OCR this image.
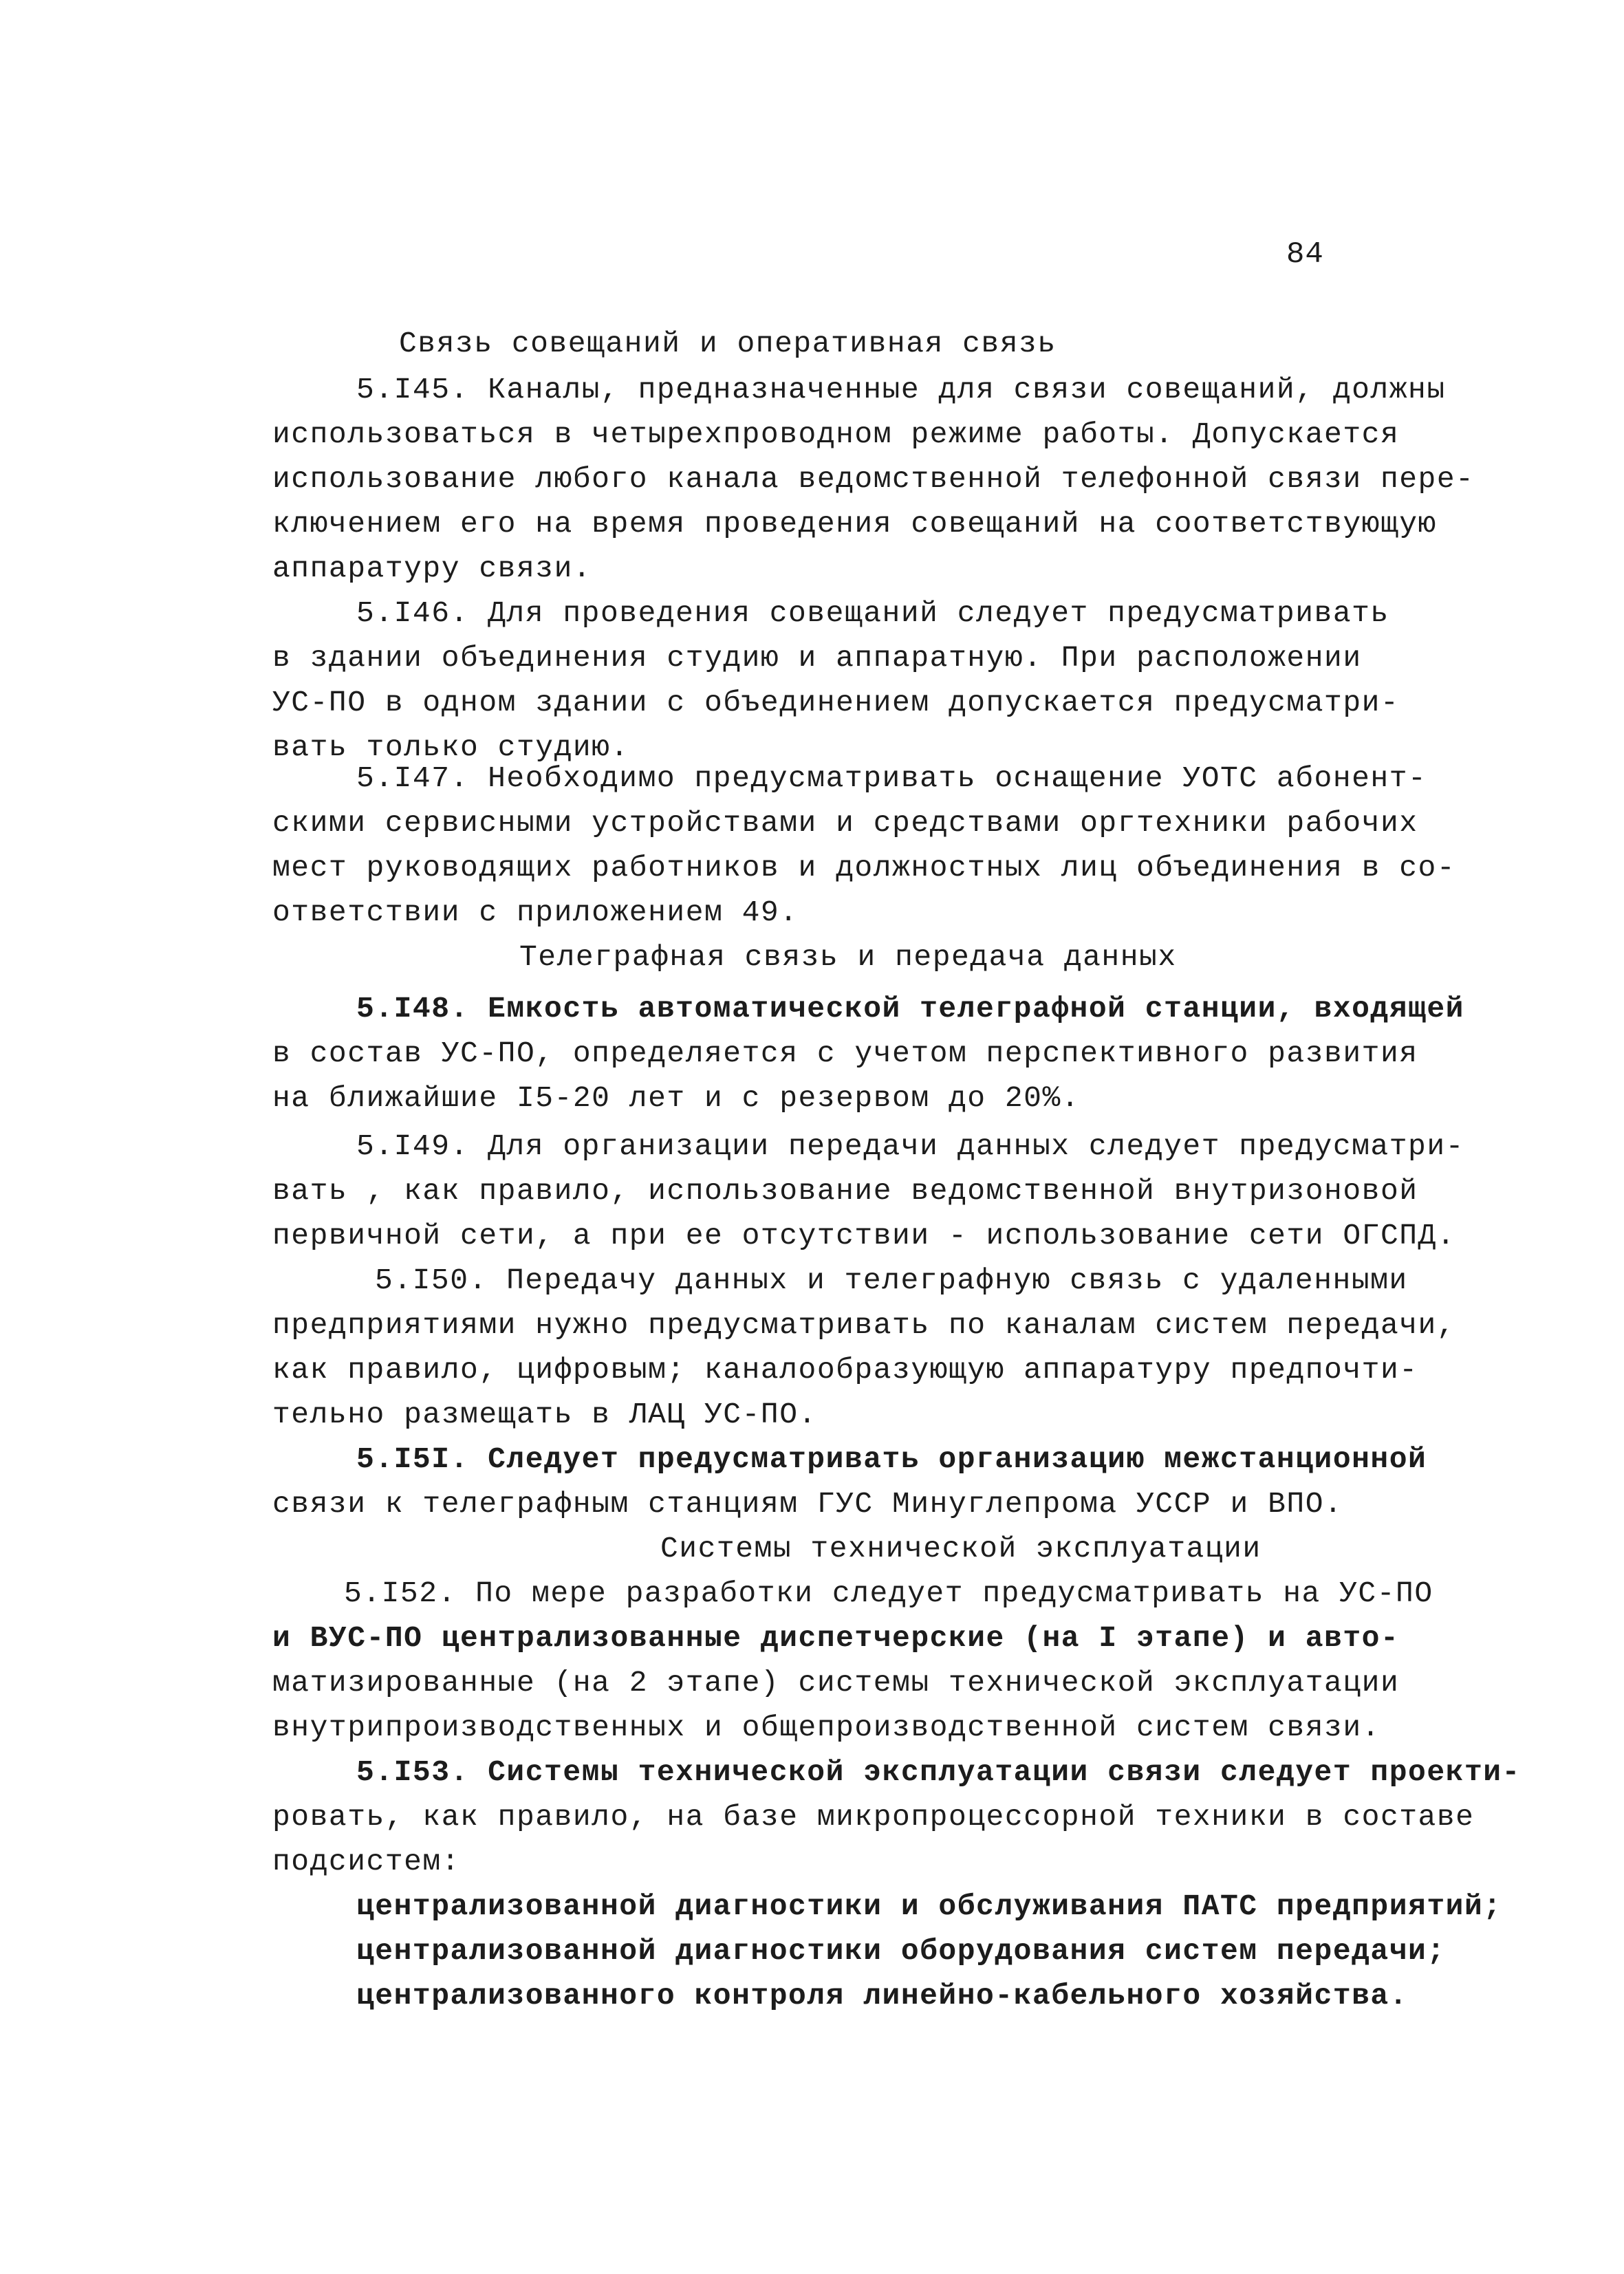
84
Связь совещаний и оперативная связь
5.I45. Каналы, предназначенные для связи совещаний, должны
использоваться в четырехпроводном режиме работы. Допускается
использование любого канала ведомственной телефонной связи пере-
ключением его на время проведения совещаний на соответствующую
аппаратуру связи.
5.I46. Для проведения совещаний следует предусматривать
в здании объединения студию и аппаратную. При расположении
УС-ПО в одном здании с объединением допускается предусматри-
вать только студию.
5.I47. Необходимо предусматривать оснащение УОТС абонент-
скими сервисными устройствами и средствами оргтехники рабочих
мест руководящих работников и должностных лиц объединения в со-
ответствии с приложением 49.
Телеграфная связь и передача данных
5.I48. Емкость автоматической телеграфной станции, входящей
в состав УС-ПО, определяется с учетом перспективного развития
на ближайшие I5-20 лет и с резервом до 20%.
5.I49. Для организации передачи данных следует предусматри-
вать , как правило, использование ведомственной внутризоновой
первичной сети, а при ее отсутствии - использование сети ОГСПД.
5.I50. Передачу данных и телеграфную связь с удаленными
предприятиями нужно предусматривать по каналам систем передачи,
как правило, цифровым; каналообразующую аппаратуру предпочти-
тельно размещать в ЛАЦ УС-ПО.
5.I5I. Следует предусматривать организацию межстанционной
связи к телеграфным станциям ГУС Минуглепрома УССР и ВПО.
Системы технической эксплуатации
5.I52. По мере разработки следует предусматривать на УС-ПО
и ВУС-ПО централизованные диспетчерские (на I этапе) и авто-
матизированные (на 2 этапе) системы технической эксплуатации
внутрипроизводственных и общепроизводственной систем связи.
5.I53. Системы технической эксплуатации связи следует проекти-
ровать, как правило, на базе микропроцессорной техники в составе
подсистем:
централизованной диагностики и обслуживания ПАТС предприятий;
централизованной диагностики оборудования систем передачи;
централизованного контроля линейно-кабельного хозяйства.
